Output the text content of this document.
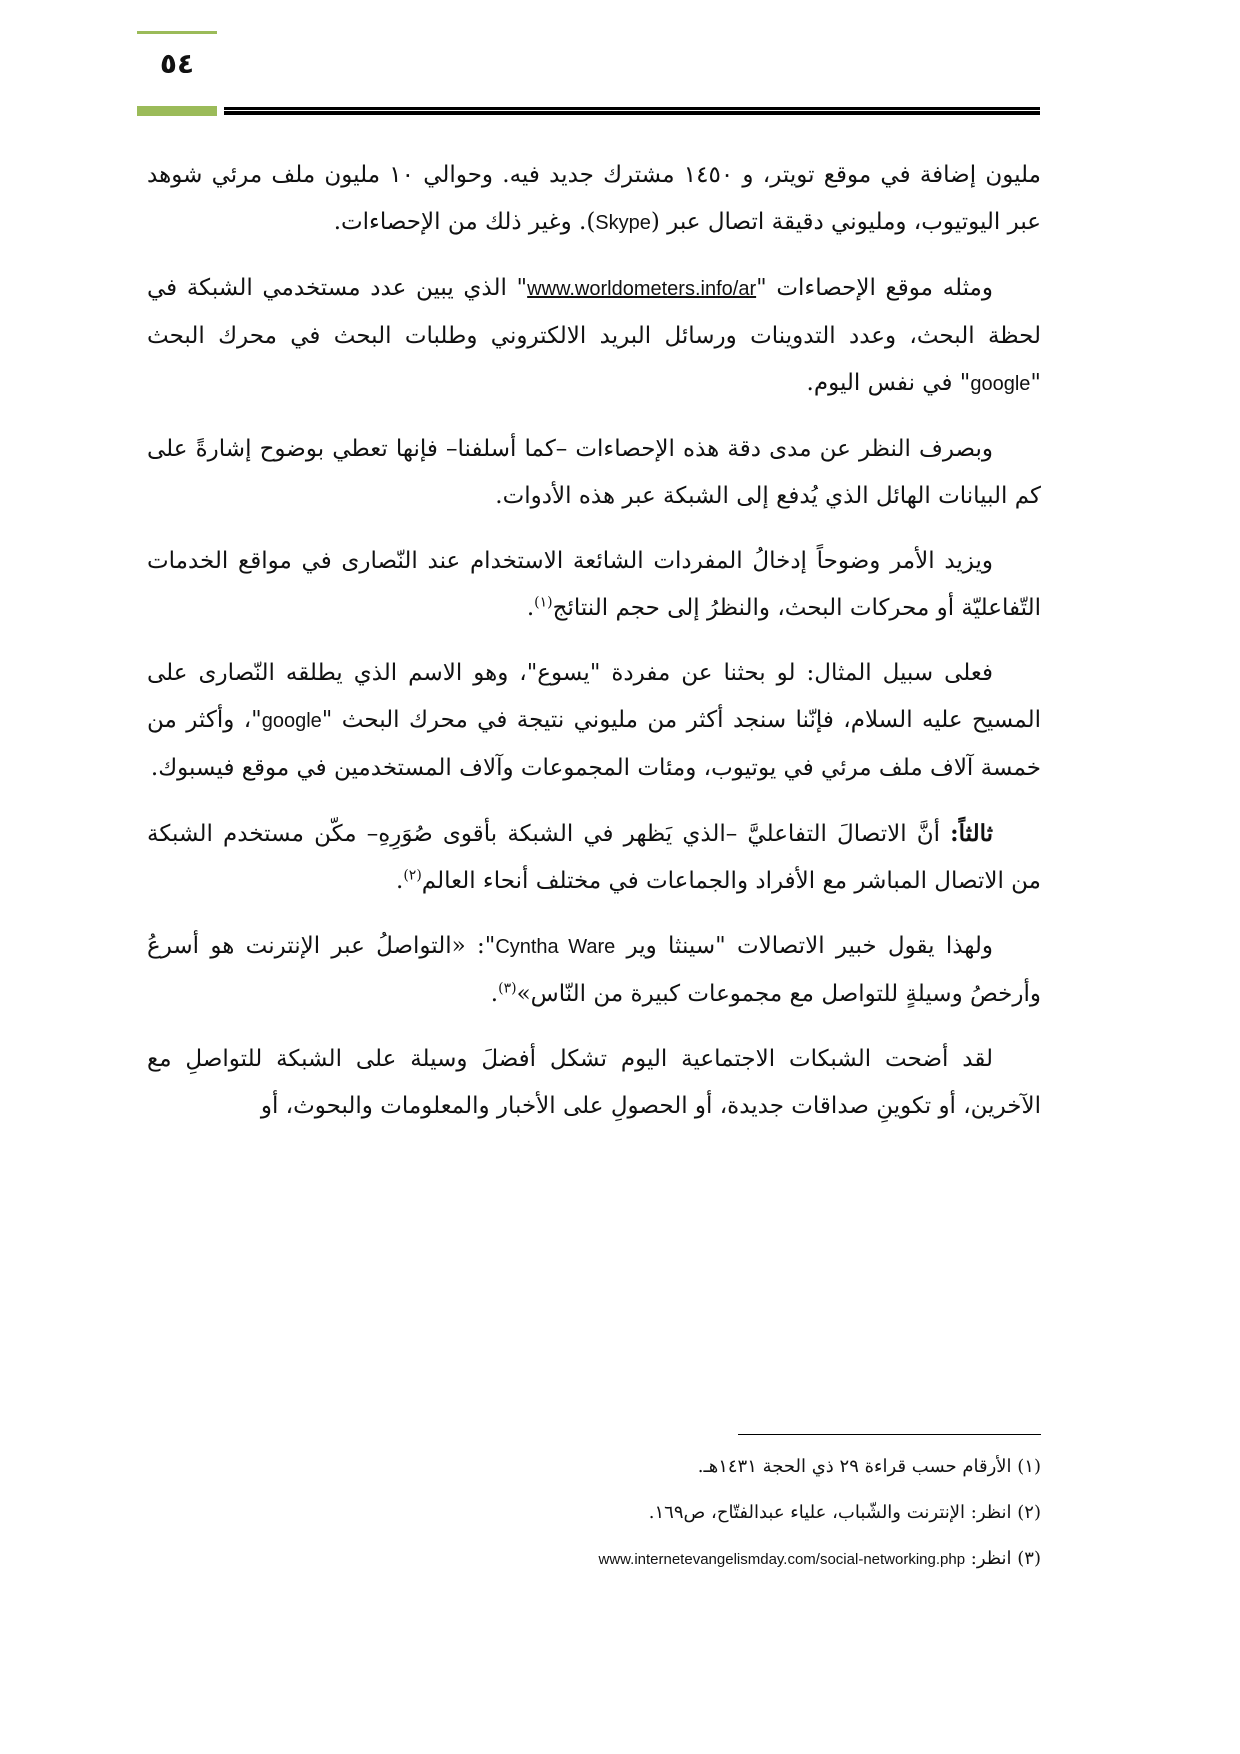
٥٤

مليون إضافة في موقع تويتر، و ١٤٥٠ مشترك جديد فيه. وحوالي ١٠ مليون ملف مرئي شوهد عبر اليوتيوب، ومليوني دقيقة اتصال عبر (Skype). وغير ذلك من الإحصاءات.

ومثله موقع الإحصاءات "www.worldometers.info/ar" الذي يبين عدد مستخدمي الشبكة في لحظة البحث، وعدد التدوينات ورسائل البريد الالكتروني وطلبات البحث في محرك البحث "google" في نفس اليوم.

وبصرف النظر عن مدى دقة هذه الإحصاءات –كما أسلفنا– فإنها تعطي بوضوح إشارةً على كم البيانات الهائل الذي يُدفع إلى الشبكة عبر هذه الأدوات.

ويزيد الأمر وضوحاً إدخالُ المفردات الشائعة الاستخدام عند النّصارى في مواقع الخدمات التّفاعليّة أو محركات البحث، والنظرُ إلى حجم النتائج$^{(١)}$.

فعلى سبيل المثال: لو بحثنا عن مفردة "يسوع"، وهو الاسم الذي يطلقه النّصارى على المسيح عليه السلام، فإنّنا سنجد أكثر من مليوني نتيجة في محرك البحث "google"، وأكثر من خمسة آلاف ملف مرئي في يوتيوب، ومئات المجموعات وآلاف المستخدمين في موقع فيسبوك.

ثالثاً: أنَّ الاتصالَ التفاعليَّ –الذي يَظهر في الشبكة بأقوى صُوَرِهِ– مكّن مستخدم الشبكة من الاتصال المباشر مع الأفراد والجماعات في مختلف أنحاء العالم$^{(٢)}$.

ولهذا يقول خبير الاتصالات "سينثا وير Cyntha Ware": «التواصلُ عبر الإنترنت هو أسرعُ وأرخصُ وسيلةٍ للتواصل مع مجموعات كبيرة من النّاس»$^{(٣)}$.

لقد أضحت الشبكات الاجتماعية اليوم تشكل أفضلَ وسيلة على الشبكة للتواصلِ مع الآخرين، أو تكوينِ صداقات جديدة، أو الحصولِ على الأخبار والمعلومات والبحوث، أو

(١) الأرقام حسب قراءة ٢٩ ذي الحجة ١٤٣١هـ.

(٢) انظر: الإنترنت والشّباب، علياء عبدالفتّاح، ص١٦٩.

(٣) انظر: www.internetevangelismday.com/social-networking.php
